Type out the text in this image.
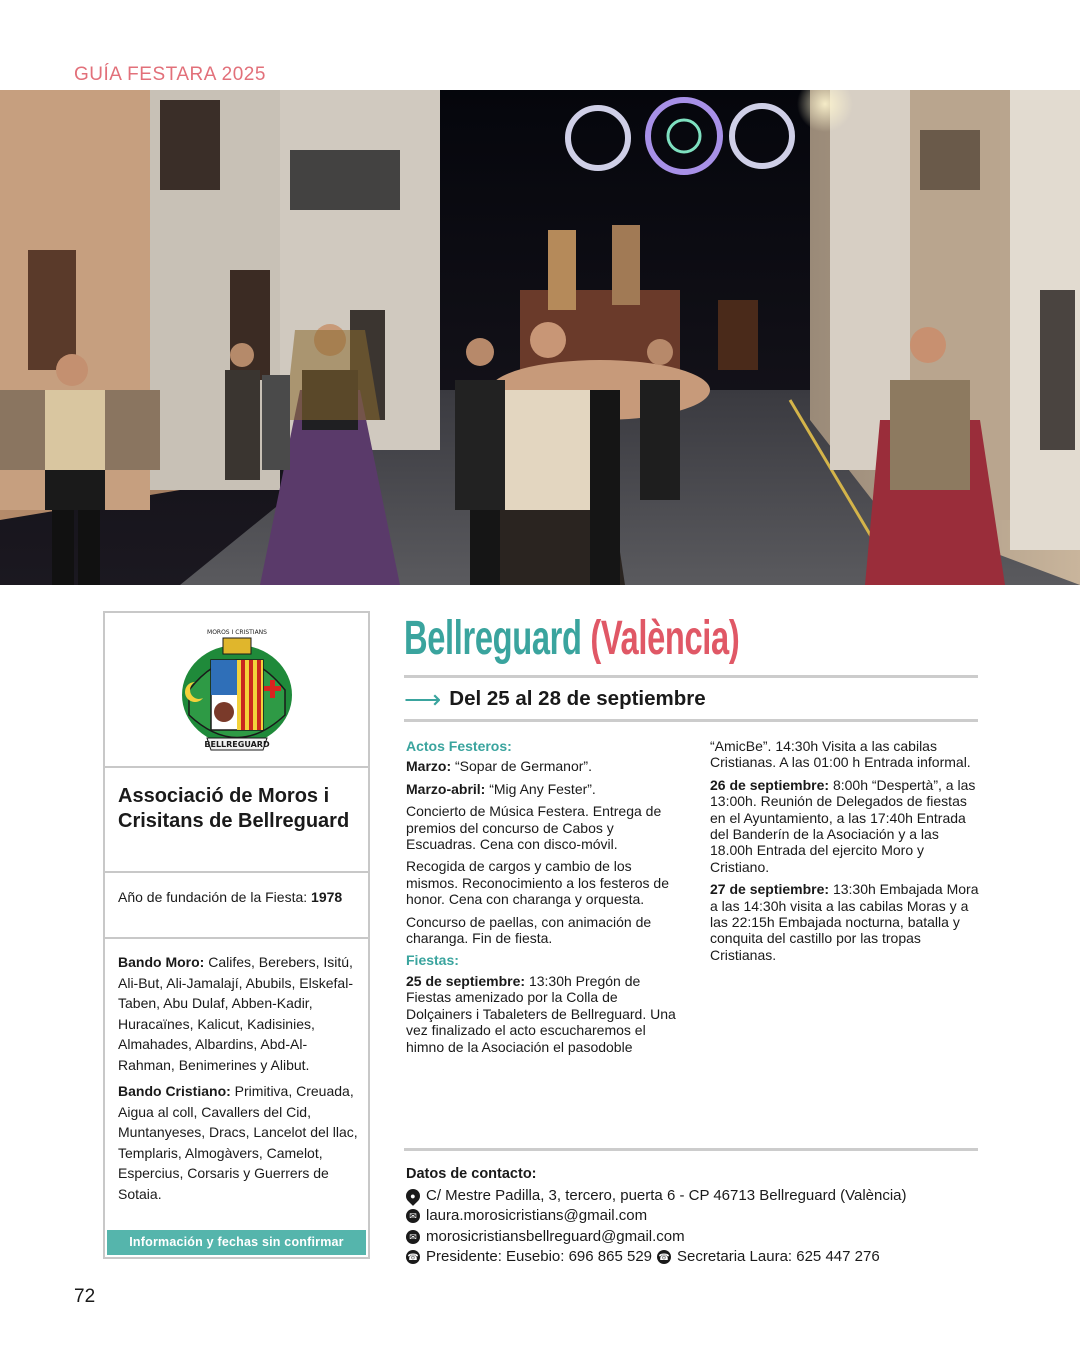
GUÍA FESTARA 2025
BELLREGUARD
MOROS I CRISTIANS
Associació de Moros i Crisitans de Bellreguard
Año de fundación de la Fiesta: 1978

Bando Moro: Califes, Berebers, Isitú, Ali-But, Ali-Jamalají, Abubils, Elskefal-Taben, Abu Dulaf, Abben-Kadir, Huracaïnes, Kalicut, Kadisinies, Almahades, Albardins, Abd-Al-Rahman, Benimerines y Alibut.

Bando Cristiano: Primitiva, Creuada, Aigua al coll, Cavallers del Cid, Muntanyeses, Dracs, Lancelot del llac, Templaris, Almogàvers, Camelot, Espercius, Corsaris y Guerrers de Sotaia.

Información y fechas sin confirmar
Bellreguard (València)
⟶ Del 25 al 28 de septiembre
Actos Festeros:

Marzo: “Sopar de Germanor”.

Marzo-abril: “Mig Any Fester”.

Concierto de Música Festera. Entrega de premios del concurso de Cabos y Escuadras. Cena con disco-móvil.

Recogida de cargos y cambio de los mismos. Reconocimiento a los festeros de honor. Cena con charanga y orquesta.

Concurso de paellas, con animación de charanga. Fin de fiesta.

Fiestas:

25 de septiembre: 13:30h Pregón de Fiestas amenizado por la Colla de Dolçainers i Tabaleters de Bellreguard. Una vez finalizado el acto escucharemos el himno de la Asociación el pasodoble

“AmicBe”. 14:30h Visita a las cabilas Cristianas. A las 01:00 h Entrada informal.

26 de septiembre: 8:00h “Despertà”, a las 13:00h. Reunión de Delegados de fiestas en el Ayuntamiento, a las 17:40h Entrada del Banderín de la Asociación y a las 18.00h Entrada del ejercito Moro y Cristiano.

27 de septiembre: 13:30h Embajada Mora a las 14:30h visita a las cabilas Moras y a las 22:15h Embajada nocturna, batalla y conquita del castillo por las tropas Cristianas.

Datos de contacto:
● C/ Mestre Padilla, 3, tercero, puerta 6 - CP 46713 Bellreguard (València)
✉ laura.morosicristians@gmail.com
✉ morosicristiansbellreguard@gmail.com
☎ Presidente: Eusebio: 696 865 529 ☎ Secretaria Laura: 625 447 276
72
